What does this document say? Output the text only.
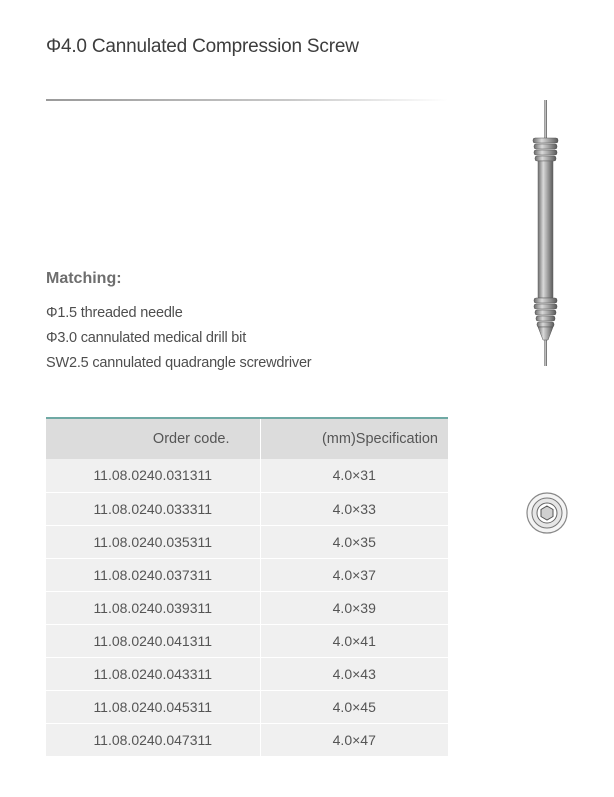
Φ4.0 Cannulated Compression Screw
Matching:
Φ1.5 threaded needle
Φ3.0 cannulated medical drill bit
SW2.5 cannulated quadrangle screwdriver
Order code.	(mm)Specification
11.08.0240.031311	4.0×31
11.08.0240.033311	4.0×33
11.08.0240.035311	4.0×35
11.08.0240.037311	4.0×37
11.08.0240.039311	4.0×39
11.08.0240.041311	4.0×41
11.08.0240.043311	4.0×43
11.08.0240.045311	4.0×45
11.08.0240.047311	4.0×47
